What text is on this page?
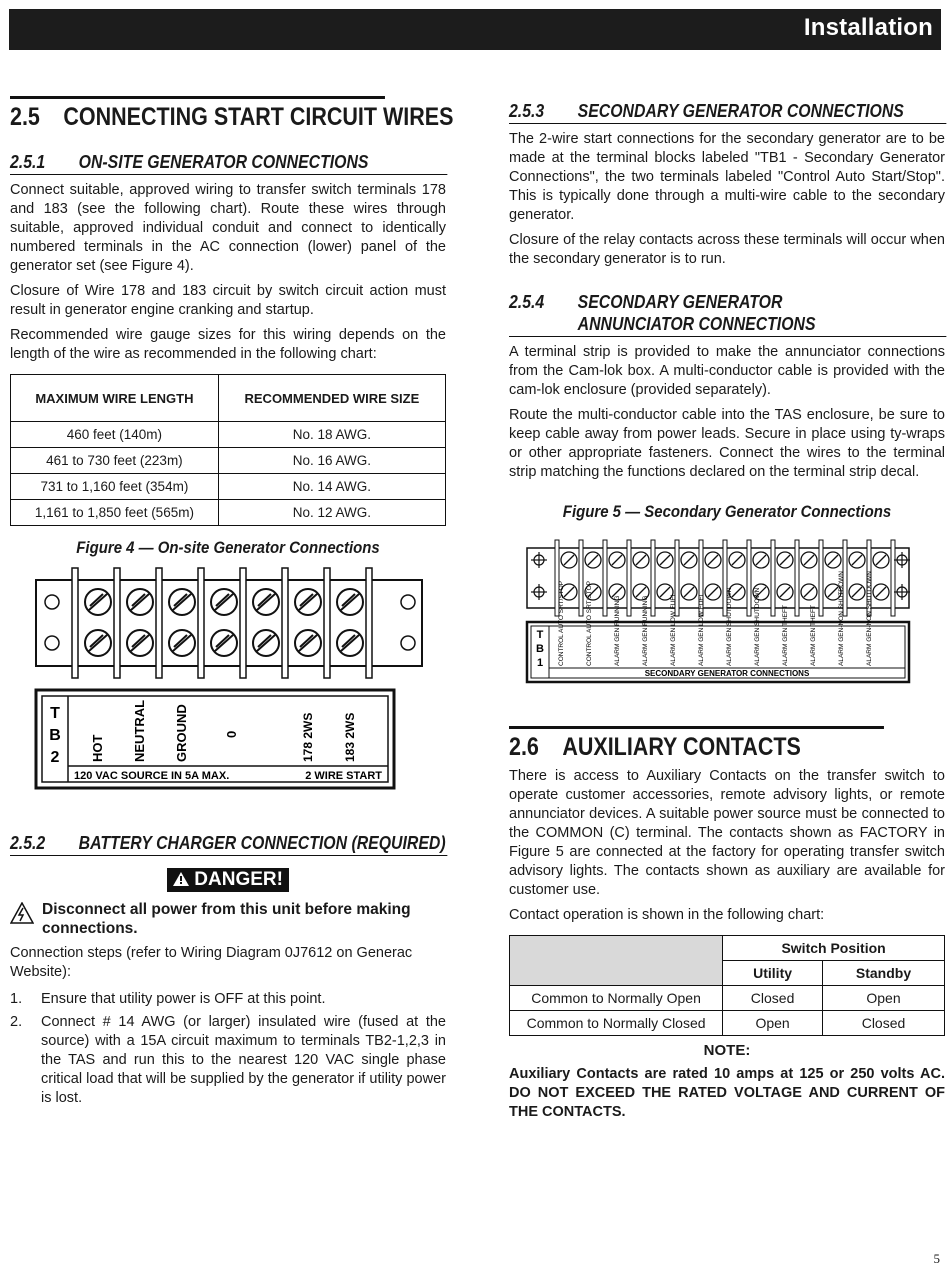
Installation
2.5 CONNECTING START CIRCUIT WIRES
2.5.1 ON-SITE GENERATOR CONNECTIONS

Connect suitable, approved wiring to transfer switch terminals 178 and 183 (see the following chart). Route these wires through suitable, approved individual conduit and connect to identically numbered terminals in the AC connection (lower) panel of the generator set (see Figure 4).

Closure of Wire 178 and 183 circuit by switch circuit action must result in generator engine cranking and startup.

Recommended wire gauge sizes for this wiring depends on the length of the wire as recommended in the following chart:

MAXIMUM WIRE LENGTH	RECOMMENDED WIRE SIZE
460 feet (140m)	No. 18 AWG.
461 to 730 feet (223m)	No. 16 AWG.
731 to 1,160 feet (354m)	No. 14 AWG.
1,161 to 1,850 feet (565m)	No. 12 AWG.
Figure 4 — On-site Generator Connections
T
B
2 HOT NEUTRAL GROUND	0	178 2WS 183 2WS
120 VAC SOURCE IN 5A MAX.	2 WIRE START
2.5.2 BATTERY CHARGER CONNECTION (REQUIRED)
DANGER!
Disconnect all power from this unit before making connections.

Connection steps (refer to Wiring Diagram 0J7612 on Generac Website):

1.	Ensure that utility power is OFF at this point.
2.	Connect # 14 AWG (or larger) insulated wire (fused at the source) with a 15A circuit maximum to terminals TB2-1,2,3 in the TAS and run this to the nearest 120 VAC single phase critical load that will be supplied by the generator if utility power is lost.
2.5.3 SECONDARY GENERATOR CONNECTIONS

The 2-wire start connections for the secondary generator are to be made at the terminal blocks labeled "TB1 - Secondary Generator Connections", the two terminals labeled "Control Auto Start/Stop". This is typically done through a multi-wire cable to the secondary generator.

Closure of the relay contacts across these terminals will occur when the secondary generator is to run.

2.5.4	SECONDARY GENERATOR ANNUNCIATOR CONNECTIONS

A terminal strip is provided to make the annunciator connections from the Cam-lok box. A multi-conductor cable is provided with the cam-lok enclosure (provided separately).

Route the multi-conductor cable into the TAS enclosure, be sure to keep cable away from power leads. Secure in place using ty-wraps or other appropriate fasteners. Connect the wires to the terminal strip matching the functions declared on the terminal strip decal.

Figure 5 — Secondary Generator Connections
T
B
1 CONTROL AUTO SRT/STOP	CONTROL AUTO SRT/STOP	ALARM GEN RUNNING	ALARM GEN RUNNING	ALARM GEN LOW FUEL	ALARM GEN LOW FUEL	ALARM GEN SHUTDOWN	ALARM GEN SHUTDOWN	ALARM GEN THEFT	ALARM GEN THEFT	ALARM GEN-NON SHUTDOWN	ALARM GEN-NON SHUTDOWN
SECONDARY GENERATOR CONNECTIONS
2.6 AUXILIARY CONTACTS

There is access to Auxiliary Contacts on the transfer switch to operate customer accessories, remote advisory lights, or remote annunciator devices. A suitable power source must be connected to the COMMON (C) terminal. The contacts shown as FACTORY in Figure 5 are connected at the factory for operating transfer switch advisory lights. The contacts shown as auxiliary are available for customer use.

Contact operation is shown in the following chart:

	Switch Position	
	Utility	Standby
Common to Normally Open	Closed	Open
Common to Normally Closed	Open	Closed
NOTE:
Auxiliary Contacts are rated 10 amps at 125 or 250 volts AC. DO NOT EXCEED THE RATED VOLTAGE AND CURRENT OF THE CONTACTS.
5
